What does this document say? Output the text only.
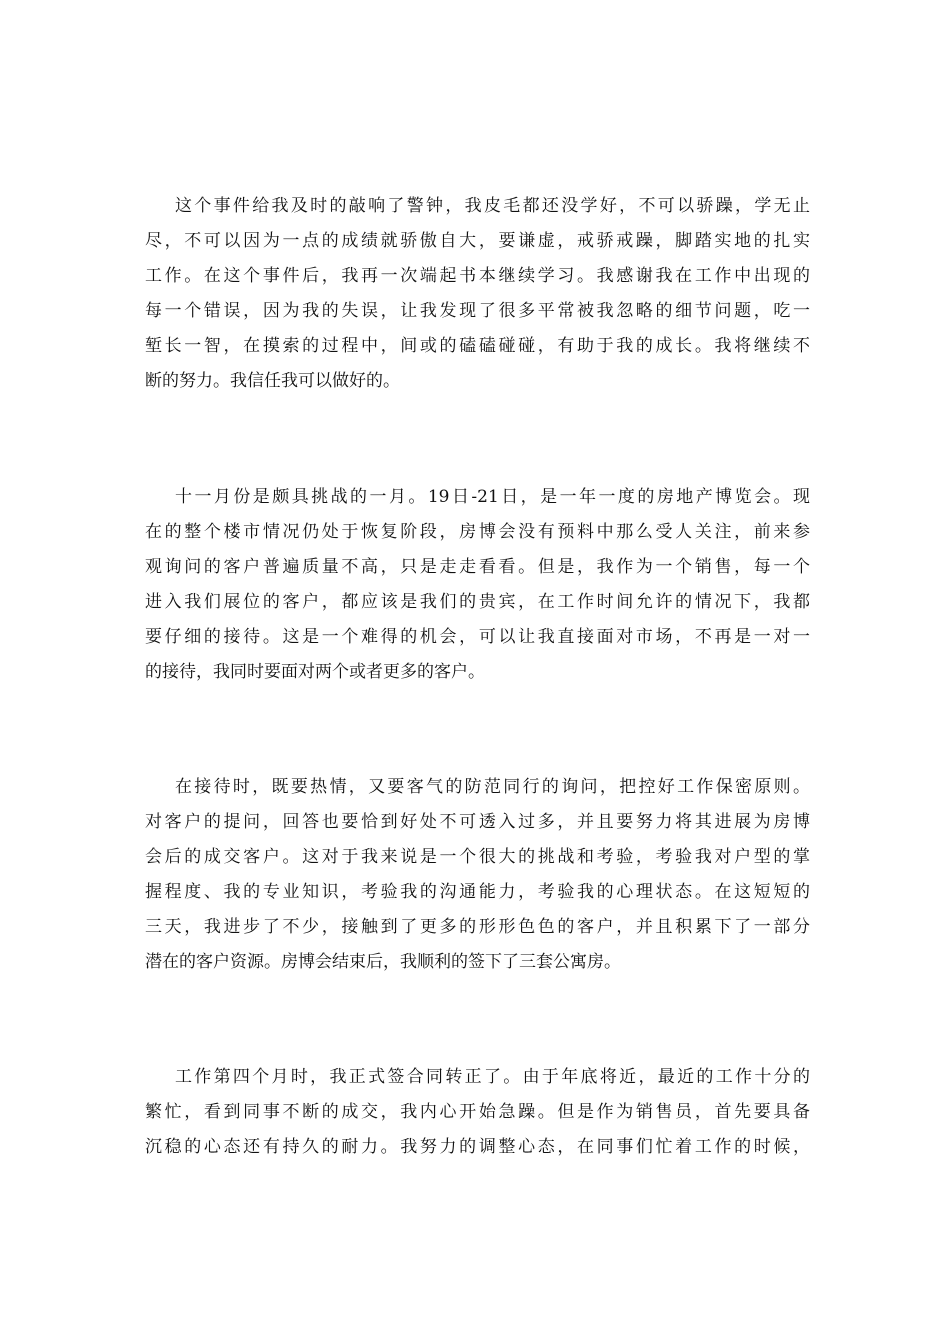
这个事件给我及时的敲响了警钟，我皮毛都还没学好，不可以骄躁，学无止
尽，不可以因为一点的成绩就骄傲自大，要谦虚，戒骄戒躁，脚踏实地的扎实
工作。在这个事件后，我再一次端起书本继续学习。我感谢我在工作中出现的
每一个错误，因为我的失误，让我发现了很多平常被我忽略的细节问题，吃一
堑长一智，在摸索的过程中，间或的磕磕碰碰，有助于我的成长。我将继续不
断的努力。我信任我可以做好的。
十一月份是颇具挑战的一月。19日-21日，是一年一度的房地产博览会。现
在的整个楼市情况仍处于恢复阶段，房博会没有预料中那么受人关注，前来参
观询问的客户普遍质量不高，只是走走看看。但是，我作为一个销售，每一个
进入我们展位的客户，都应该是我们的贵宾，在工作时间允许的情况下，我都
要仔细的接待。这是一个难得的机会，可以让我直接面对市场，不再是一对一
的接待，我同时要面对两个或者更多的客户。
在接待时，既要热情，又要客气的防范同行的询问，把控好工作保密原则。
对客户的提问，回答也要恰到好处不可透入过多，并且要努力将其进展为房博
会后的成交客户。这对于我来说是一个很大的挑战和考验，考验我对户型的掌
握程度、我的专业知识，考验我的沟通能力，考验我的心理状态。在这短短的
三天，我进步了不少，接触到了更多的形形色色的客户，并且积累下了一部分
潜在的客户资源。房博会结束后，我顺利的签下了三套公寓房。
工作第四个月时，我正式签合同转正了。由于年底将近，最近的工作十分的
繁忙，看到同事不断的成交，我内心开始急躁。但是作为销售员，首先要具备
沉稳的心态还有持久的耐力。我努力的调整心态，在同事们忙着工作的时候，
